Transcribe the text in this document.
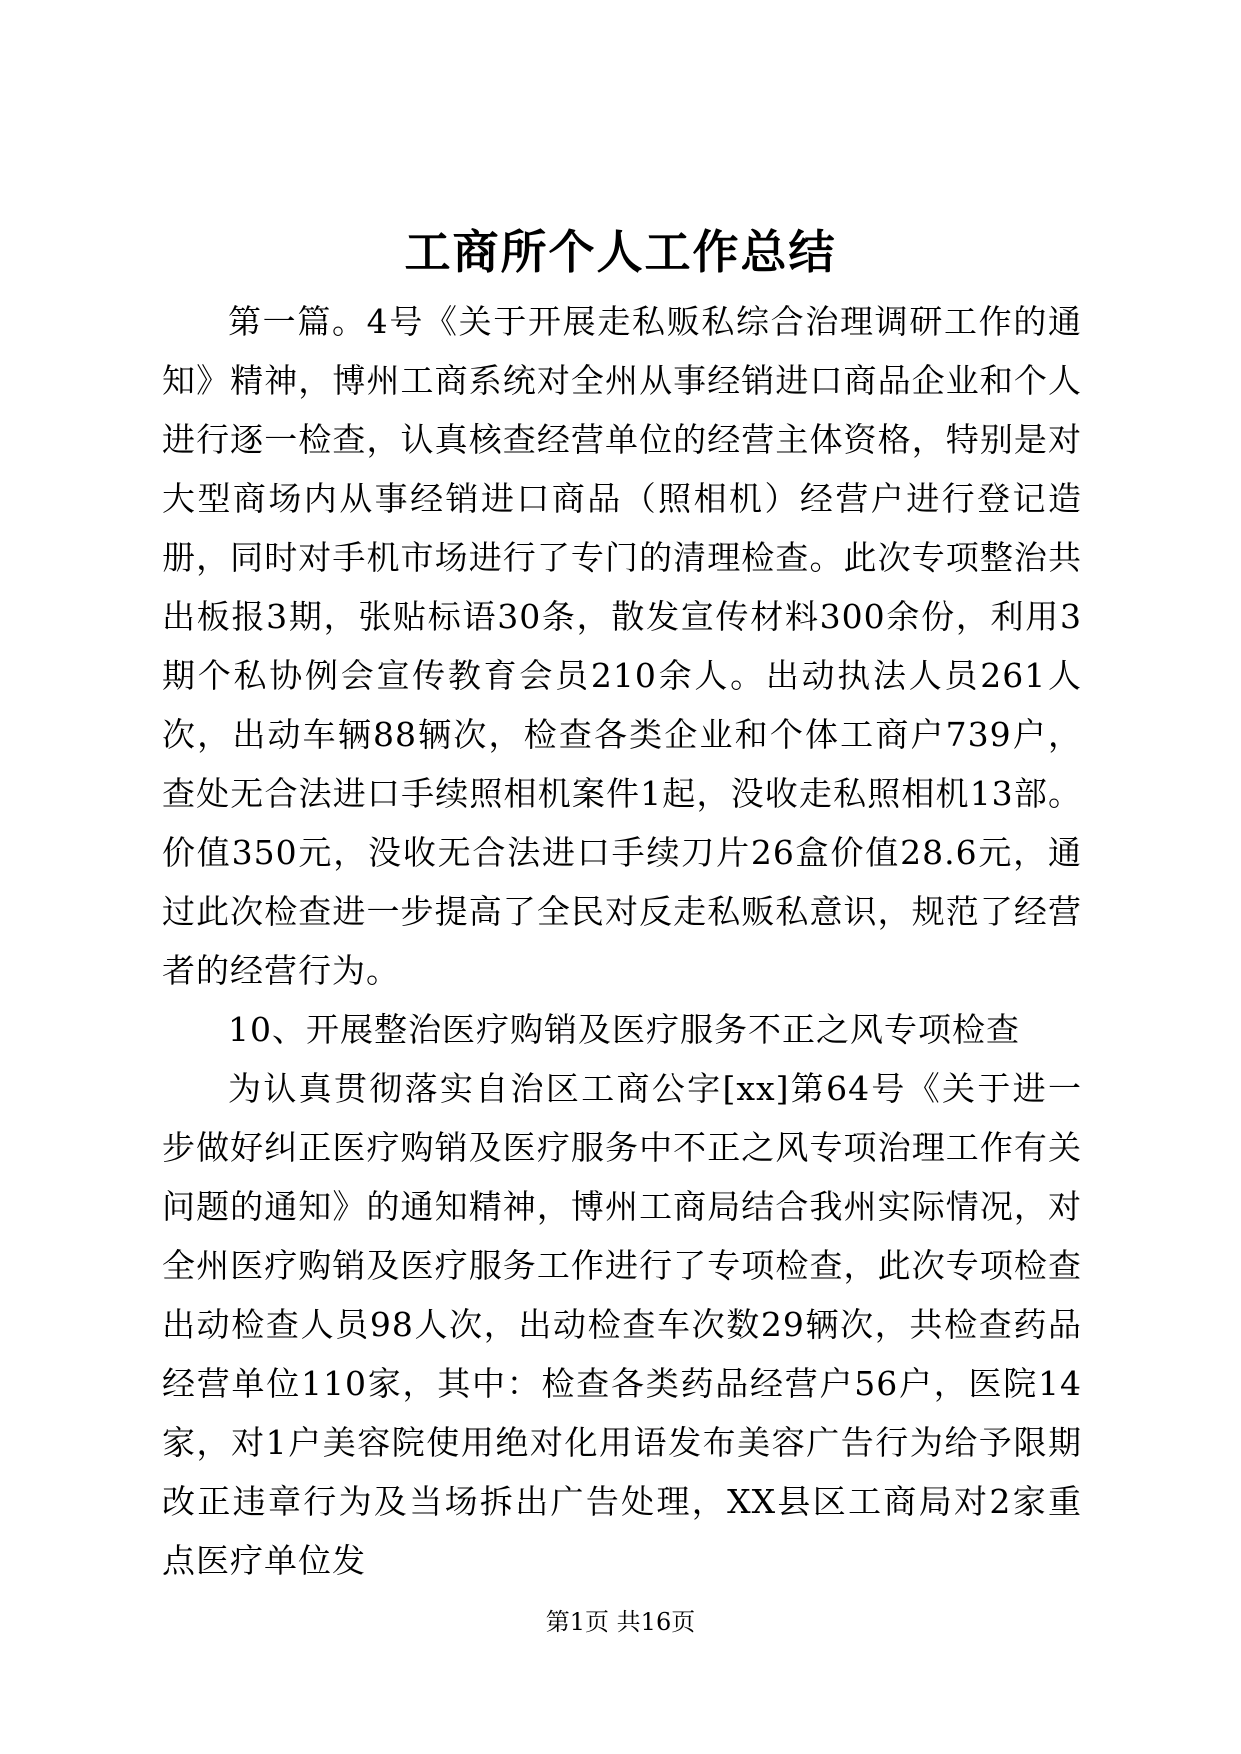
工商所个人工作总结

第一篇。4号《关于开展走私贩私综合治理调研工作的通知》精神，博州工商系统对全州从事经销进口商品企业和个人进行逐一检查，认真核查经营单位的经营主体资格，特别是对大型商场内从事经销进口商品（照相机）经营户进行登记造册，同时对手机市场进行了专门的清理检查。此次专项整治共出板报3期，张贴标语30条，散发宣传材料300余份，利用3期个私协例会宣传教育会员210余人。出动执法人员261人次，出动车辆88辆次，检查各类企业和个体工商户739户，查处无合法进口手续照相机案件1起，没收走私照相机13部。价值350元，没收无合法进口手续刀片26盒价值28.6元，通过此次检查进一步提高了全民对反走私贩私意识，规范了经营者的经营行为。

10、开展整治医疗购销及医疗服务不正之风专项检查

为认真贯彻落实自治区工商公字[xx]第64号《关于进一步做好纠正医疗购销及医疗服务中不正之风专项治理工作有关问题的通知》的通知精神，博州工商局结合我州实际情况，对全州医疗购销及医疗服务工作进行了专项检查，此次专项检查出动检查人员98人次，出动检查车次数29辆次，共检查药品经营单位110家，其中：检查各类药品经营户56户，医院14家，对1户美容院使用绝对化用语发布美容广告行为给予限期改正违章行为及当场拆出广告处理，XX县区工商局对2家重点医疗单位发

第1页 共16页
